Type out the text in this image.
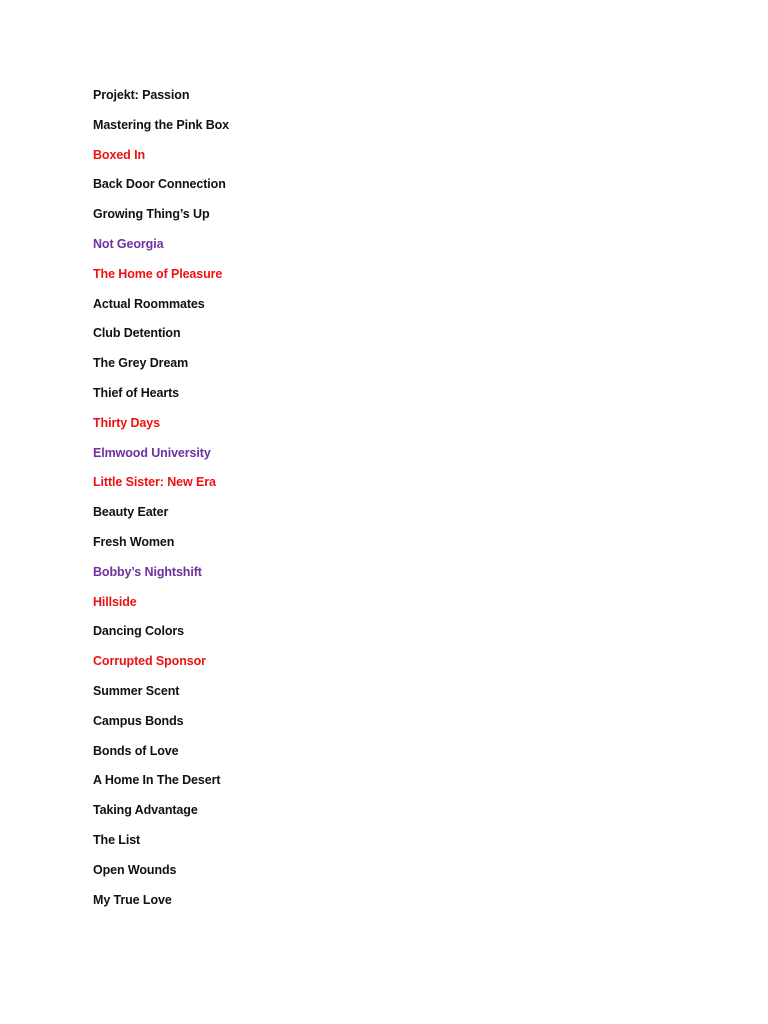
Projekt: Passion
Mastering the Pink Box
Boxed In
Back Door Connection
Growing Thing’s Up
Not Georgia
The Home of Pleasure
Actual Roommates
Club Detention
The Grey Dream
Thief of Hearts
Thirty Days
Elmwood University
Little Sister: New Era
Beauty Eater
Fresh Women
Bobby’s Nightshift
Hillside
Dancing Colors
Corrupted Sponsor
Summer Scent
Campus Bonds
Bonds of Love
A Home In The Desert
Taking Advantage
The List
Open Wounds
My True Love
